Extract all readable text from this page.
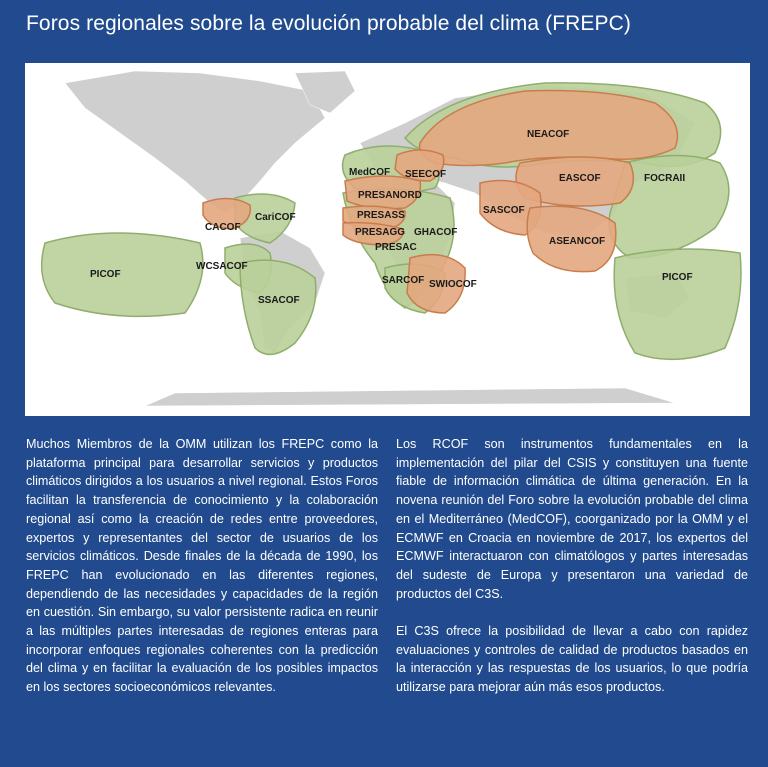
Foros regionales sobre la evolución probable del clima (FREPC)
NEACOF
MedCOF SEECOF	EASCOF	FOCRAII
PRESANORD
CariCOF
CACOF
PRESASS	SASCOF
PRESAGG GHACOF
ASEANCOF
PRESAC
PICOF
WCSACOF
PICOF
SARCOF SWIOCOF
SSACOF

Muchos Miembros de la OMM utilizan los FREPC como la plataforma principal para desarrollar servicios y productos climáticos dirigidos a los usuarios a nivel regional. Estos Foros facilitan la transferencia de conocimiento y la colaboración regional así como la creación de redes entre proveedores, expertos y representantes del sector de usuarios de los servicios climáticos. Desde finales de la década de 1990, los FREPC han evolucionado en las diferentes regiones, dependiendo de las necesidades y capacidades de la región en cuestión. Sin embargo, su valor persistente radica en reunir a las múltiples partes interesadas de regiones enteras para incorporar enfoques regionales coherentes con la predicción del clima y en facilitar la evaluación de los posibles impactos en los sectores socioeconómicos relevantes.

Los RCOF son instrumentos fundamentales en la implementación del pilar del CSIS y constituyen una fuente fiable de información climática de última generación. En la novena reunión del Foro sobre la evolución probable del clima en el Mediterráneo (MedCOF), coorganizado por la OMM y el ECMWF en Croacia en noviembre de 2017, los expertos del ECMWF interactuaron con climatólogos y partes interesadas del sudeste de Europa y presentaron una variedad de productos del C3S.

El C3S ofrece la posibilidad de llevar a cabo con rapidez evaluaciones y controles de calidad de productos basados en la interacción y las respuestas de los usuarios, lo que podría utilizarse para mejorar aún más esos productos.
